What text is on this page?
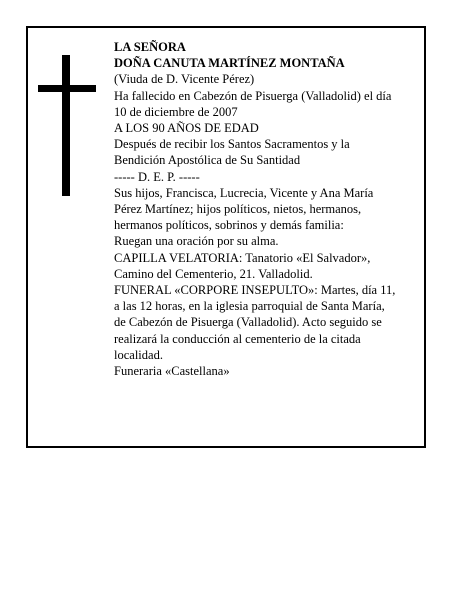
LA SEÑORA
DOÑA CANUTA MARTÍNEZ MONTAÑA
(Viuda de D. Vicente Pérez)
Ha fallecido en Cabezón de Pisuerga (Valladolid) el día
10 de diciembre de 2007
A LOS 90 AÑOS DE EDAD
Después de recibir los Santos Sacramentos y la
Bendición Apostólica de Su Santidad
----- D. E. P. -----
Sus hijos, Francisca, Lucrecia, Vicente y Ana María
Pérez Martínez; hijos políticos, nietos, hermanos,
hermanos políticos, sobrinos y demás familia:
Ruegan una oración por su alma.
CAPILLA VELATORIA: Tanatorio «El Salvador»,
Camino del Cementerio, 21. Valladolid.
FUNERAL «CORPORE INSEPULTO»: Martes, día 11,
a las 12 horas, en la iglesia parroquial de Santa María,
de Cabezón de Pisuerga (Valladolid). Acto seguido se
realizará la conducción al cementerio de la citada
localidad.
Funeraria «Castellana»
